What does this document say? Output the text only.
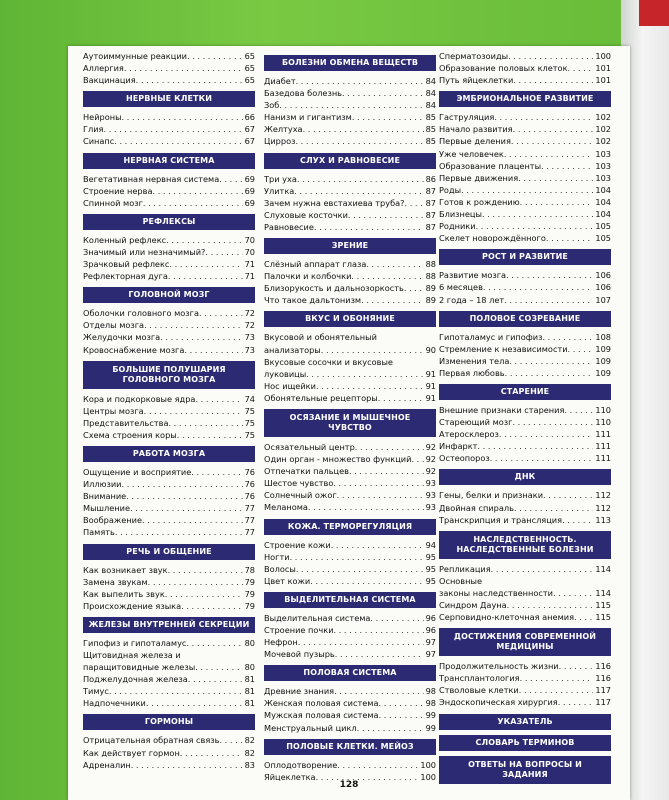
Аутоиммунные реакции . . .	65
Аллергия . . .	65
Вакцинация . . .	65
НЕРВНЫЕ КЛЕТКИ
Нейроны . . .	66
Глия . . .	67
Синапс . . .	67
НЕРВНАЯ СИСТЕМА
Вегетативная нервная система . . .	69
Строение нерва . . .	69
Спинной мозг . . .	69
РЕФЛЕКСЫ
Коленный рефлекс . . .	70
Значимый или незначимый? . . .	70
Зрачковый рефлекс . . .	71
Рефлекторная дуга . . .	71
ГОЛОВНОЙ МОЗГ
Оболочки головного мозга . . .	72
Отделы мозга . . .	72
Желудочки мозга . . .	73
Кровоснабжение мозга . . .	73
БОЛЬШИЕ ПОЛУШАРИЯ ГОЛОВНОГО МОЗГА
Кора и подкорковые ядра . . .	74
Центры мозга . . .	75
Представительства . . .	75
Схема строения коры . . .	75
РАБОТА МОЗГА
Ощущение и восприятие . . .	76
Иллюзии . . .	76
Внимание . . .	76
Мышление . . .	77
Воображение . . .	77
Память . . .	77
РЕЧЬ И ОБЩЕНИЕ
Как возникает звук . . .	78
Замена звукам . . .	79
Как выпелить звук . . .	79
Происхождение языка . . .	79
ЖЕЛЕЗЫ ВНУТРЕННЕЙ СЕКРЕЦИИ
Гипофиз и гипоталамус . . .	80
Щитовидная железа и
паращитовидные железы . . .	80
Поджелудочная железа . . .	81
Тимус . . .	81
Надпочечники . . .	81
ГОРМОНЫ
Отрицательная обратная связь . . .	82
Как действует гормон . . .	82
Адреналин . . .	83
БОЛЕЗНИ ОБМЕНА ВЕЩЕСТВ
Диабет . . .	84
Базедова болезнь . . .	84
Зоб . . .	84
Нанизм и гигантизм . . .	85
Желтуха . . .	85
Цирроз . . .	85
СЛУХ И РАВНОВЕСИЕ
Три уха . . .	86
Улитка . . .	87
Зачем нужна евстахиева труба? . . .	87
Слуховые косточки . . .	87
Равновесие . . .	87
ЗРЕНИЕ
Слёзный аппарат глаза . . .	88
Палочки и колбочки . . .	88
Близорукость и дальнозоркость . . .	89
Что такое дальтонизм . . .	89
ВКУС И ОБОНЯНИЕ
Вкусовой и обонятельный
анализаторы . . .	90
Вкусовые сосочки и вкусовые
луковицы . . .	91
Нос ищейки . . .	91
Обонятельные рецепторы . . .	91
ОСЯЗАНИЕ И МЫШЕЧНОЕ ЧУВСТВО
Осязательный центр . . .	92
Один орган - множество функций . . . 92
Отпечатки пальцев . . .	92
Шестое чувство . . .	93
Солнечный ожог . . .	93
Меланома . . .	93
КОЖА. ТЕРМОРЕГУЛЯЦИЯ
Строение кожи . . .	94
Ногти . . .	95
Волосы . . .	95
Цвет кожи . . .	95
ВЫДЕЛИТЕЛЬНАЯ СИСТЕМА
Выделительная система . . .	96
Строение почки . . .	96
Нефрон . . .	97
Мочевой пузырь . . .	97
ПОЛОВАЯ СИСТЕМА
Древние знания . . .	98
Женская половая система . . .	98
Мужская половая система . . .	99
Менструальный цикл . . .	99
ПОЛОВЫЕ КЛЕТКИ. МЕЙОЗ
Оплодотворение . . .	100
Яйцеклетка . . .	100
Сперматозоиды . . .	100
Образование половых клеток . . .	101
Путь яйцеклетки . . .	101
ЭМБРИОНАЛЬНОЕ РАЗВИТИЕ
Гаструляция . . .	102
Начало развития . . .	102
Первые деления . . .	102
Уже человечек . . .	103
Образование плаценты . . .	103
Первые движения . . .	103
Роды . . .	104
Готов к рождению . . .	104
Близнецы . . .	104
Родники . . .	105
Скелет новорождённого . . .	105
РОСТ И РАЗВИТИЕ
Развитие мозга . . .	106
6 месяцев . . .	106
2 года – 18 лет . . .	107
ПОЛОВОЕ СОЗРЕВАНИЕ
Гипоталамус и гипофиз . . .	108
Стремление к независимости . . .	109
Изменения тела . . .	109
Первая любовь . . .	109
СТАРЕНИЕ
Внешние признаки старения . . .	110
Стареющий мозг . . .	110
Атеросклероз . . .	111
Инфаркт . . .	111
Остеопороз . . .	111
ДНК
Гены, белки и признаки . . .	112
Двойная спираль . . .	112
Транскрипция и трансляция . . .	113
НАСЛЕДСТВЕННОСТЬ. НАСЛЕДСТВЕННЫЕ БОЛЕЗНИ
Репликация . . .	114
Основные
законы наследственности . . .	114
Синдром Дауна . . .	115
Серповидно-клеточная анемия . . .	115
ДОСТИЖЕНИЯ СОВРЕМЕННОЙ МЕДИЦИНЫ
Продолжительность жизни . . .	116
Трансплантология . . .	116
Стволовые клетки . . .	117
Эндоскопическая хирургия . . .	117
УКАЗАТЕЛЬ
СЛОВАРЬ ТЕРМИНОВ
ОТВЕТЫ НА ВОПРОСЫ И ЗАДАНИЯ
128
